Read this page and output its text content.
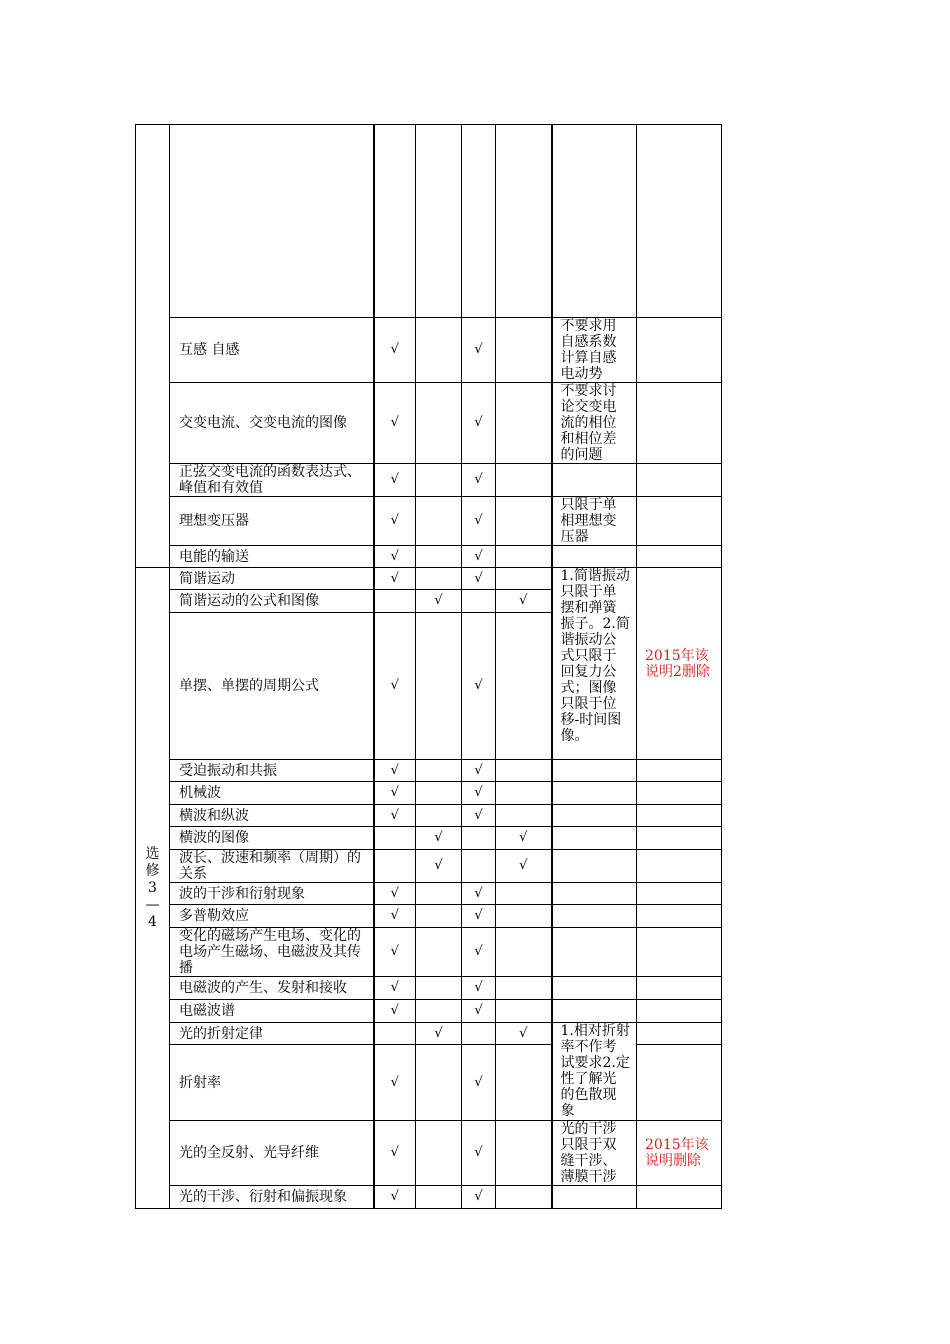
	互感 自感	√		√		不要求用自感系数计算自感电动势	
	交变电流、交变电流的图像	√		√		不要求讨论交变电流的相位和相位差的问题	
	正弦交变电流的函数表达式、峰值和有效值	√		√			
	理想变压器	√		√		只限于单相理想变压器	
	电能的输送	√		√			
选修3—4	简谐运动	√		√		1.简谐振动只限于单摆和弹簧振子。2.简谐振动公式只限于回复力公式；图像只限于位移-时间图像。	2015年该说明2删除
	简谐运动的公式和图像		√		√		
	单摆、单摆的周期公式	√		√			
	受迫振动和共振	√		√			
	机械波	√		√			
	横波和纵波	√		√			
	横波的图像		√		√		
	波长、波速和频率（周期）的关系		√		√		
	波的干涉和衍射现象	√		√			
	多普勒效应	√		√			
	变化的磁场产生电场、变化的电场产生磁场、电磁波及其传播	√		√			
	电磁波的产生、发射和接收	√		√			
	电磁波谱	√		√			
	光的折射定律		√		√	1.相对折射率不作考试要求2.定性了解光的色散现象	
	折射率	√		√			
	光的全反射、光导纤维	√		√		光的干涉只限于双缝干涉、薄膜干涉	2015年该说明删除
	光的干涉、衍射和偏振现象	√		√			
